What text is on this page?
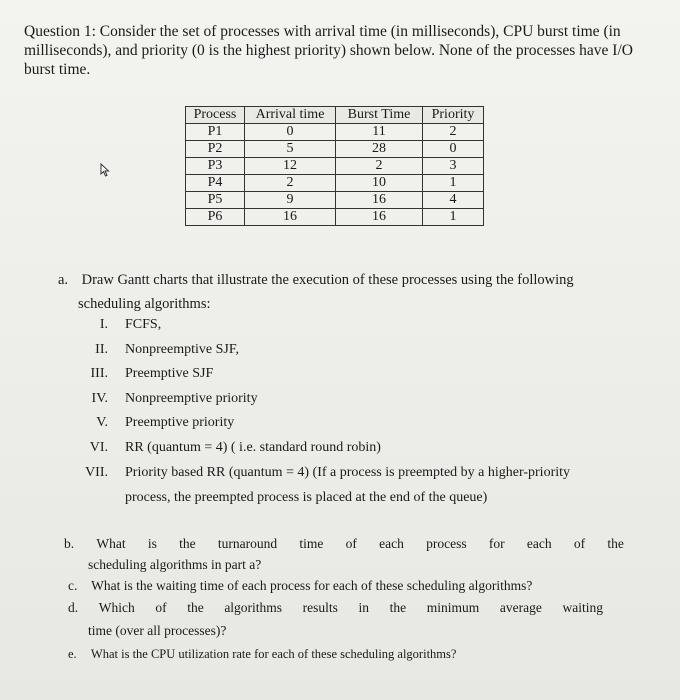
Question 1: Consider the set of processes with arrival time (in milliseconds), CPU burst time (in milliseconds), and priority (0 is the highest priority) shown below. None of the processes have I/O burst time.
Process	Arrival time	Burst Time	Priority
P1	0	11	2
P2	5	28	0
P3	12	2	3
P4	2	10	1
P5	9	16	4
P6	16	16	1
a. Draw Gantt charts that illustrate the execution of these processes using the following
scheduling algorithms:
I. FCFS,
II. Nonpreemptive SJF,
III. Preemptive SJF
IV. Nonpreemptive priority
V. Preemptive priority
VI. RR (quantum = 4) ( i.e. standard round robin)
VII. Priority based RR (quantum = 4) (If a process is preempted by a higher-priority
process, the preempted process is placed at the end of the queue)
b. What is the turnaround time of each process for each of the
scheduling algorithms in part a?
c. What is the waiting time of each process for each of these scheduling algorithms?
d. Which of the algorithms results in the minimum average waiting
time (over all processes)?
e. What is the CPU utilization rate for each of these scheduling algorithms?
